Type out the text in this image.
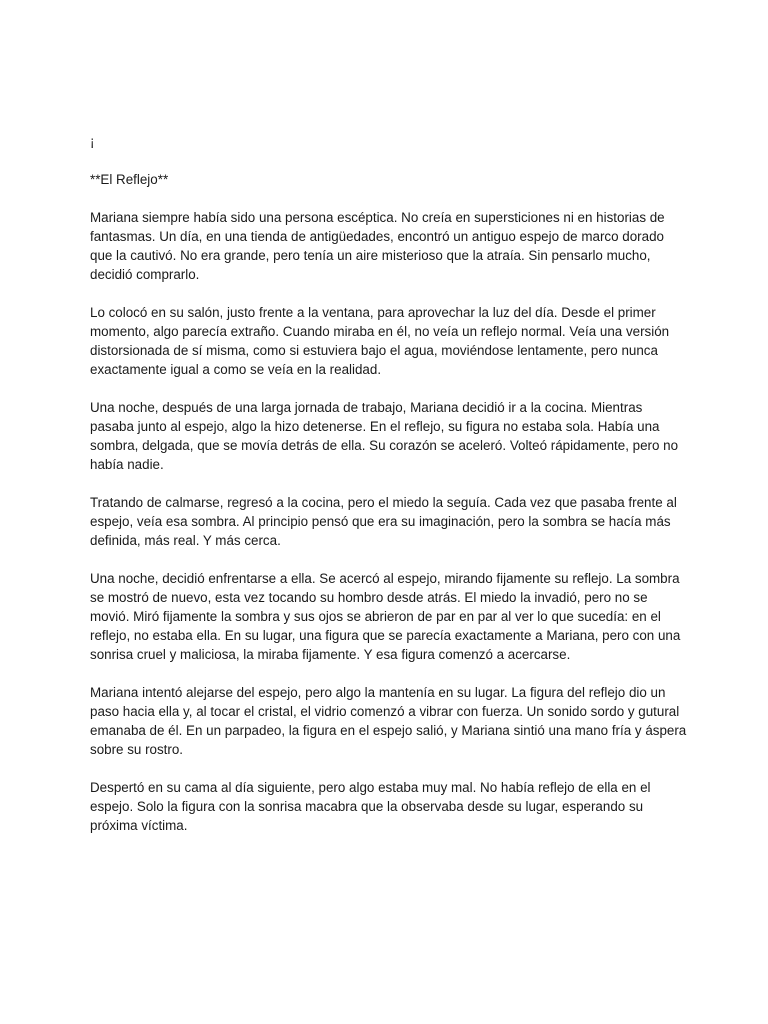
¡

**El Reflejo**

Mariana siempre había sido una persona escéptica. No creía en supersticiones ni en historias de fantasmas. Un día, en una tienda de antigüedades, encontró un antiguo espejo de marco dorado que la cautivó. No era grande, pero tenía un aire misterioso que la atraía. Sin pensarlo mucho, decidió comprarlo.

Lo colocó en su salón, justo frente a la ventana, para aprovechar la luz del día. Desde el primer momento, algo parecía extraño. Cuando miraba en él, no veía un reflejo normal. Veía una versión distorsionada de sí misma, como si estuviera bajo el agua, moviéndose lentamente, pero nunca exactamente igual a como se veía en la realidad.

Una noche, después de una larga jornada de trabajo, Mariana decidió ir a la cocina. Mientras pasaba junto al espejo, algo la hizo detenerse. En el reflejo, su figura no estaba sola. Había una sombra, delgada, que se movía detrás de ella. Su corazón se aceleró. Volteó rápidamente, pero no había nadie.

Tratando de calmarse, regresó a la cocina, pero el miedo la seguía. Cada vez que pasaba frente al espejo, veía esa sombra. Al principio pensó que era su imaginación, pero la sombra se hacía más definida, más real. Y más cerca.

Una noche, decidió enfrentarse a ella. Se acercó al espejo, mirando fijamente su reflejo. La sombra se mostró de nuevo, esta vez tocando su hombro desde atrás. El miedo la invadió, pero no se movió. Miró fijamente la sombra y sus ojos se abrieron de par en par al ver lo que sucedía: en el reflejo, no estaba ella. En su lugar, una figura que se parecía exactamente a Mariana, pero con una sonrisa cruel y maliciosa, la miraba fijamente. Y esa figura comenzó a acercarse.

Mariana intentó alejarse del espejo, pero algo la mantenía en su lugar. La figura del reflejo dio un paso hacia ella y, al tocar el cristal, el vidrio comenzó a vibrar con fuerza. Un sonido sordo y gutural emanaba de él. En un parpadeo, la figura en el espejo salió, y Mariana sintió una mano fría y áspera sobre su rostro.

Despertó en su cama al día siguiente, pero algo estaba muy mal. No había reflejo de ella en el espejo. Solo la figura con la sonrisa macabra que la observaba desde su lugar, esperando su próxima víctima.
